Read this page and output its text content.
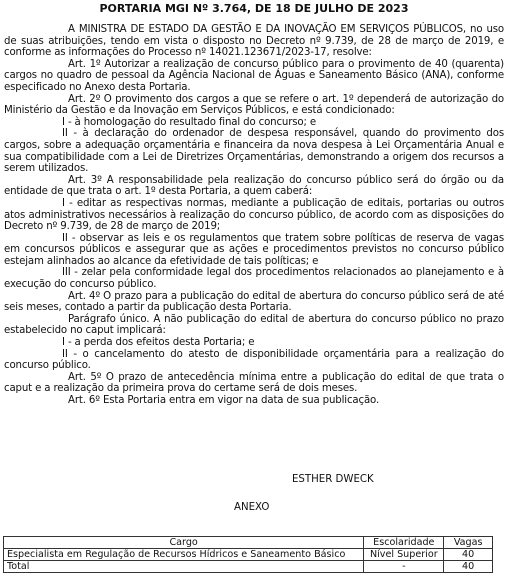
PORTARIA MGI Nº 3.764, DE 18 DE JULHO DE 2023

A MINISTRA DE ESTADO DA GESTÃO E DA INOVAÇÃO EM SERVIÇOS PÚBLICOS, no uso de suas atribuições, tendo em vista o disposto no Decreto nº 9.739, de 28 de março de 2019, e conforme as informações do Processo nº 14021.123671/2023-17, resolve:

Art. 1º Autorizar a realização de concurso público para o provimento de 40 (quarenta) cargos no quadro de pessoal da Agência Nacional de Águas e Saneamento Básico (ANA), conforme especificado no Anexo desta Portaria.

Art. 2º O provimento dos cargos a que se refere o art. 1º dependerá de autorização do Ministério da Gestão e da Inovação em Serviços Públicos, e está condicionado:

I - à homologação do resultado final do concurso; e

II - à declaração do ordenador de despesa responsável, quando do provimento dos cargos, sobre a adequação orçamentária e financeira da nova despesa à Lei Orçamentária Anual e sua compatibilidade com a Lei de Diretrizes Orçamentárias, demonstrando a origem dos recursos a serem utilizados.

Art. 3º A responsabilidade pela realização do concurso público será do órgão ou da entidade de que trata o art. 1º desta Portaria, a quem caberá:

I - editar as respectivas normas, mediante a publicação de editais, portarias ou outros atos administrativos necessários à realização do concurso público, de acordo com as disposições do Decreto nº 9.739, de 28 de março de 2019;

II - observar as leis e os regulamentos que tratem sobre políticas de reserva de vagas em concursos públicos e assegurar que as ações e procedimentos previstos no concurso público estejam alinhados ao alcance da efetividade de tais políticas; e

III - zelar pela conformidade legal dos procedimentos relacionados ao planejamento e à execução do concurso público.

Art. 4º O prazo para a publicação do edital de abertura do concurso público será de até seis meses, contado a partir da publicação desta Portaria.

Parágrafo único. A não publicação do edital de abertura do concurso público no prazo estabelecido no caput implicará:

I - a perda dos efeitos desta Portaria; e

II - o cancelamento do atesto de disponibilidade orçamentária para a realização do concurso público.

Art. 5º O prazo de antecedência mínima entre a publicação do edital de que trata o caput e a realização da primeira prova do certame será de dois meses.

Art. 6º Esta Portaria entra em vigor na data de sua publicação.

ESTHER DWECK
ANEXO
Cargo	Escolaridade	Vagas
Especialista em Regulação de Recursos Hídricos e Saneamento Básico	Nível Superior	40
Total	-	40
